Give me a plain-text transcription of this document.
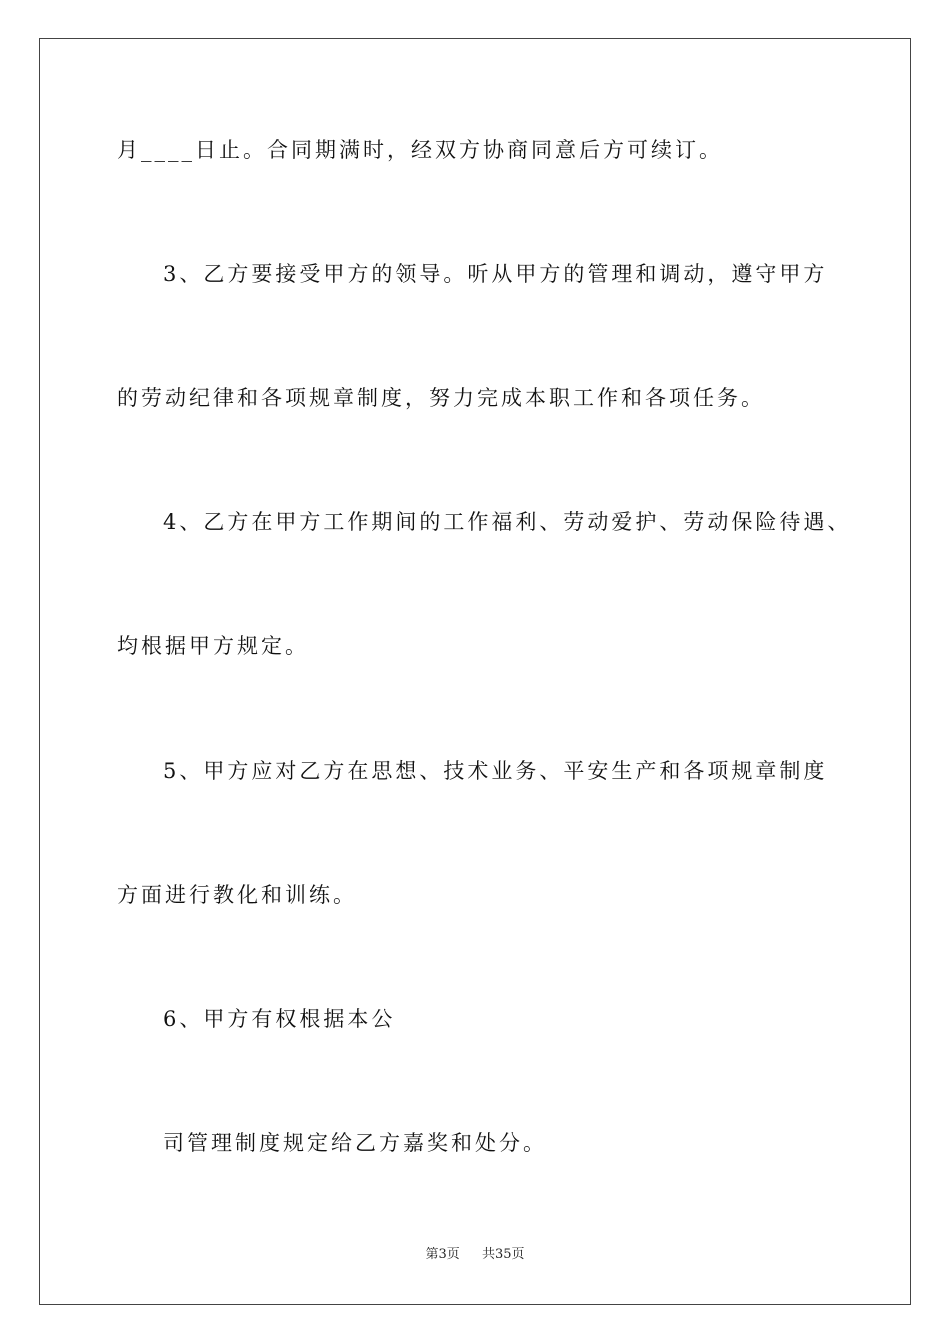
月____日止。合同期满时，经双方协商同意后方可续订。
3、乙方要接受甲方的领导。听从甲方的管理和调动，遵守甲方
的劳动纪律和各项规章制度，努力完成本职工作和各项任务。
4、乙方在甲方工作期间的工作福利、劳动爱护、劳动保险待遇、
均根据甲方规定。
5、甲方应对乙方在思想、技术业务、平安生产和各项规章制度
方面进行教化和训练。
6、甲方有权根据本公
司管理制度规定给乙方嘉奖和处分。
第3页 共35页
